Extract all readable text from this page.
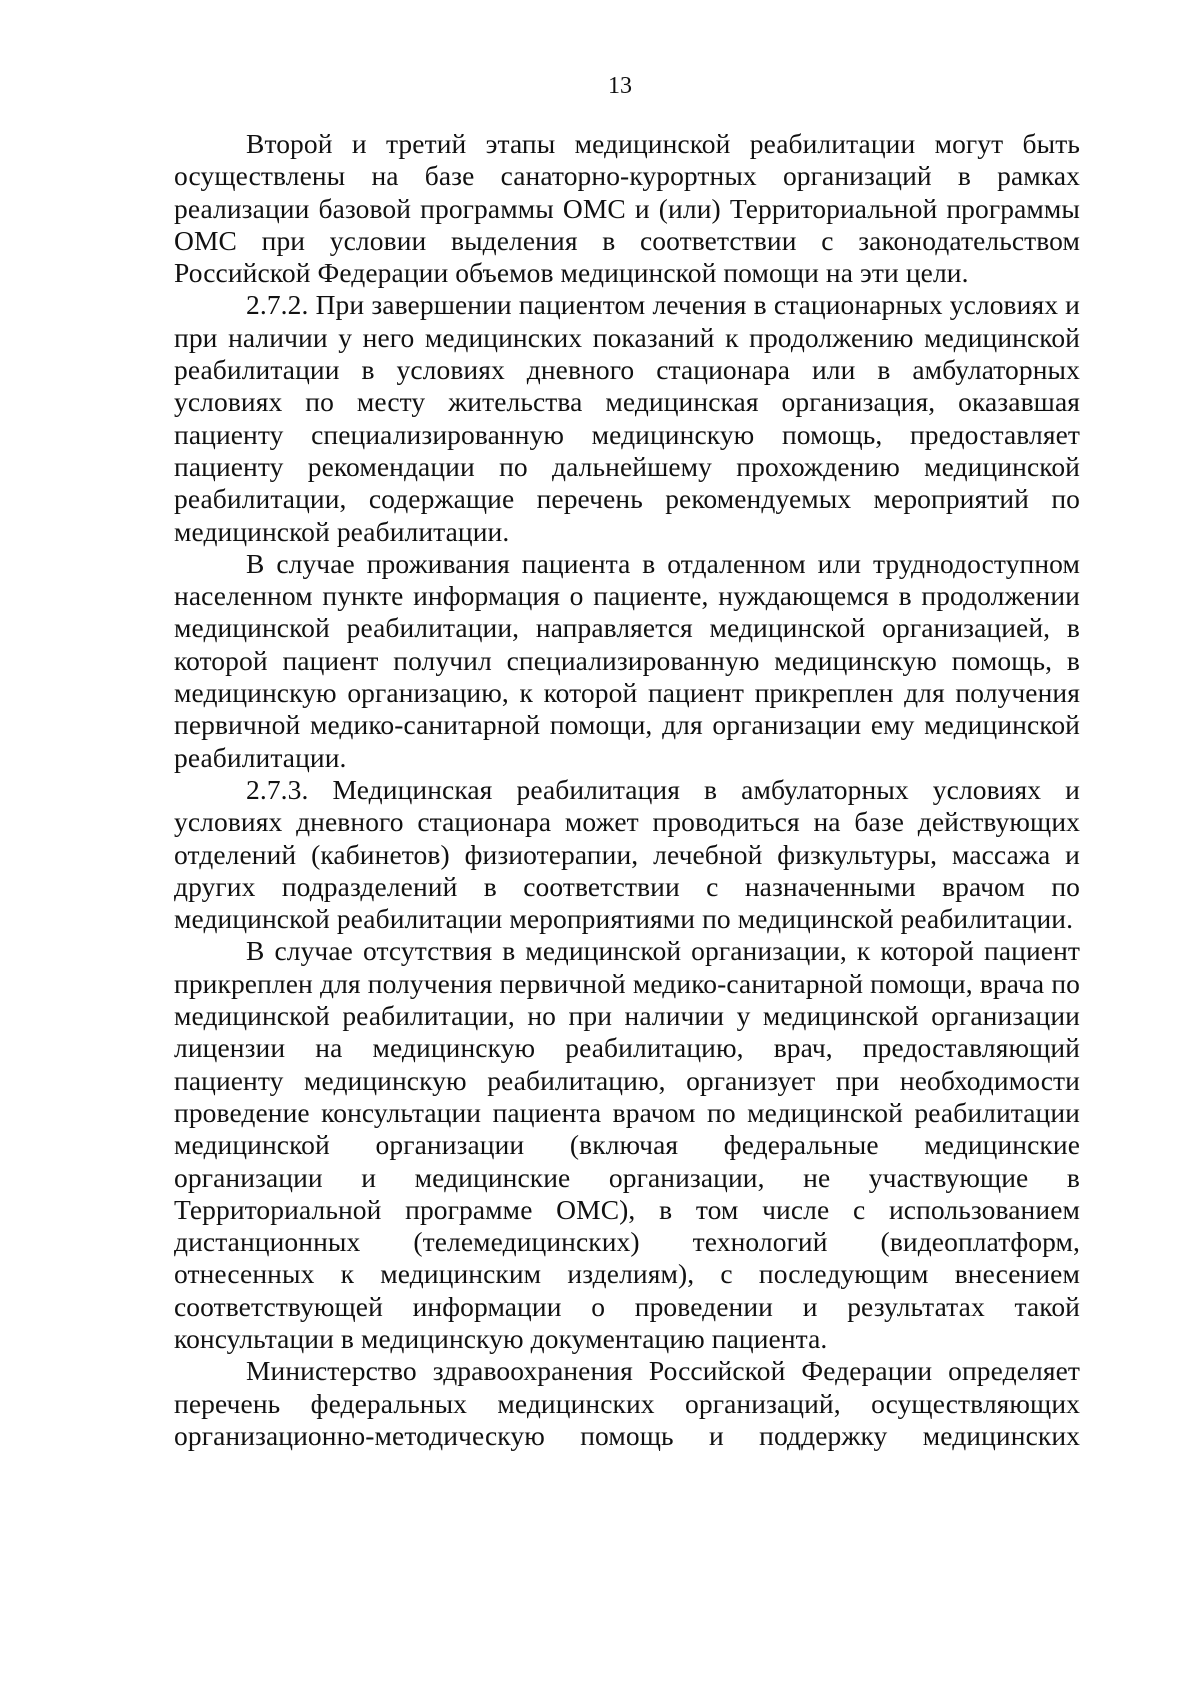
13

Второй и третий этапы медицинской реабилитации могут быть осуществлены на базе санаторно-курортных организаций в рамках реализации базовой программы ОМС и (или) Территориальной программы ОМС при условии выделения в соответствии с законодательством Российской Федерации объемов медицинской помощи на эти цели.

2.7.2. При завершении пациентом лечения в стационарных условиях и при наличии у него медицинских показаний к продолжению медицинской реабилитации в условиях дневного стационара или в амбулаторных условиях по месту жительства медицинская организация, оказавшая пациенту специализированную медицинскую помощь, предоставляет пациенту рекомендации по дальнейшему прохождению медицинской реабилитации, содержащие перечень рекомендуемых мероприятий по медицинской реабилитации.

В случае проживания пациента в отдаленном или труднодоступном населенном пункте информация о пациенте, нуждающемся в продолжении медицинской реабилитации, направляется медицинской организацией, в которой пациент получил специализированную медицинскую помощь, в медицинскую организацию, к которой пациент прикреплен для получения первичной медико-санитарной помощи, для организации ему медицинской реабилитации.

2.7.3. Медицинская реабилитация в амбулаторных условиях и условиях дневного стационара может проводиться на базе действующих отделений (кабинетов) физиотерапии, лечебной физкультуры, массажа и других подразделений в соответствии с назначенными врачом по медицинской реабилитации мероприятиями по медицинской реабилитации.

В случае отсутствия в медицинской организации, к которой пациент прикреплен для получения первичной медико-санитарной помощи, врача по медицинской реабилитации, но при наличии у медицинской организации лицензии на медицинскую реабилитацию, врач, предоставляющий пациенту медицинскую реабилитацию, организует при необходимости проведение консультации пациента врачом по медицинской реабилитации медицинской организации (включая федеральные медицинские организации и медицинские организации, не участвующие в Территориальной программе ОМС), в том числе с использованием дистанционных (телемедицинских) технологий (видеоплатформ, отнесенных к медицинским изделиям), с последующим внесением соответствующей информации о проведении и результатах такой консультации в медицинскую документацию пациента.

Министерство здравоохранения Российской Федерации определяет перечень федеральных медицинских организаций, осуществляющих организационно-методическую помощь и поддержку медицинских
